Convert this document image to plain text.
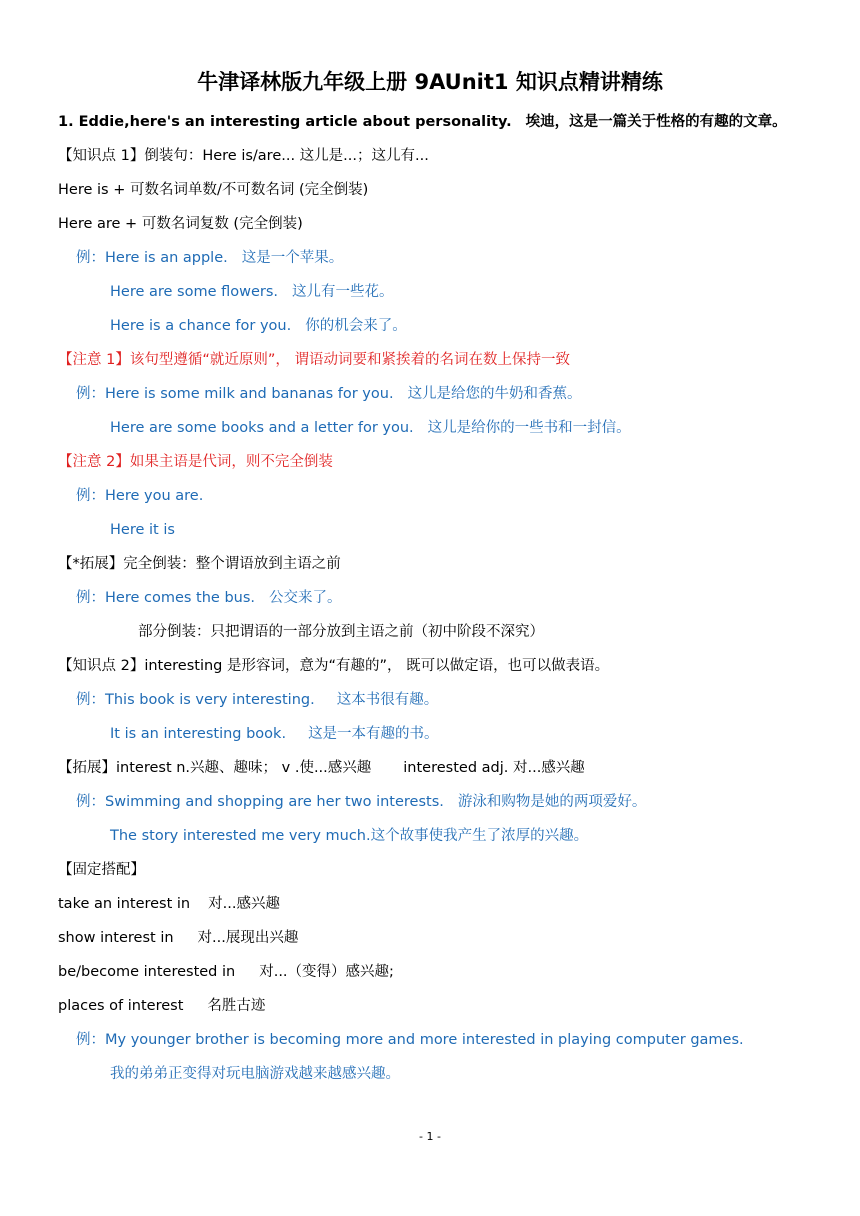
牛津译林版九年级上册 9AUnit1 知识点精讲精练
1. Eddie,here's an interesting article about personality. 埃迪，这是一篇关于性格的有趣的文章。
【知识点 1】倒装句：Here is/are... 这儿是...；这儿有...
Here is + 可数名词单数/不可数名词 (完全倒装)
Here are + 可数名词复数 (完全倒装)
例：Here is an apple. 这是一个苹果。
Here are some flowers. 这儿有一些花。
Here is a chance for you. 你的机会来了。
【注意 1】该句型遵循“就近原则”， 谓语动词要和紧挨着的名词在数上保持一致
例：Here is some milk and bananas for you. 这儿是给您的牛奶和香蕉。
Here are some books and a letter for you. 这儿是给你的一些书和一封信。
【注意 2】如果主语是代词，则不完全倒装
例：Here you are.
Here it is
【*拓展】完全倒装：整个谓语放到主语之前
例：Here comes the bus. 公交来了。
部分倒装：只把谓语的一部分放到主语之前（初中阶段不深究）
【知识点 2】interesting 是形容词，意为“有趣的”， 既可以做定语，也可以做表语。
例：This book is very interesting. 这本书很有趣。
It is an interesting book. 这是一本有趣的书。
【拓展】interest n.兴趣、趣味； v .使...感兴趣 interested adj. 对...感兴趣
例：Swimming and shopping are her two interests. 游泳和购物是她的两项爱好。
The story interested me very much.这个故事使我产生了浓厚的兴趣。
【固定搭配】
take an interest in 对...感兴趣
show interest in 对...展现出兴趣
be/become interested in 对...（变得）感兴趣;
places of interest 名胜古迹
例：My younger brother is becoming more and more interested in playing computer games.
我的弟弟正变得对玩电脑游戏越来越感兴趣。
- 1 -
